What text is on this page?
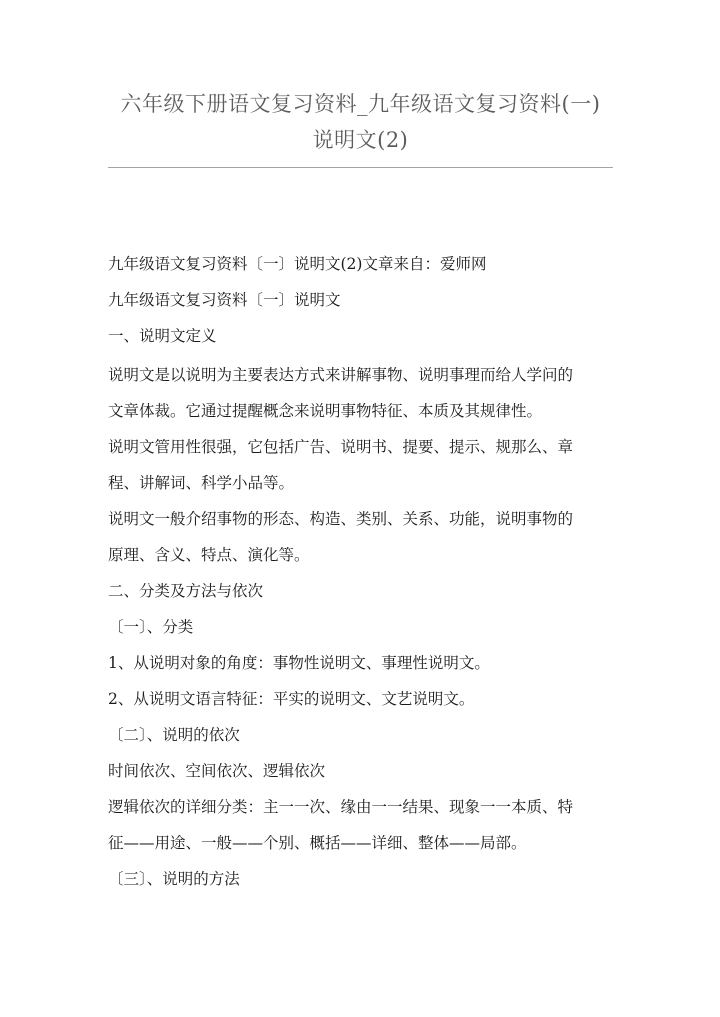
六年级下册语文复习资料_九年级语文复习资料(一)
说明文(2)
九年级语文复习资料〔一〕说明文(2)文章来自：爱师网
九年级语文复习资料〔一〕说明文
一、说明文定义
说明文是以说明为主要表达方式来讲解事物、说明事理而给人学问的
文章体裁。它通过提醒概念来说明事物特征、本质及其规律性。
说明文管用性很强，它包括广告、说明书、提要、提示、规那么、章
程、讲解词、科学小品等。
说明文一般介绍事物的形态、构造、类别、关系、功能，说明事物的
原理、含义、特点、演化等。
二、分类及方法与依次
〔一〕、分类
1、从说明对象的角度：事物性说明文、事理性说明文。
2、从说明文语言特征：平实的说明文、文艺说明文。
〔二〕、说明的依次
时间依次、空间依次、逻辑依次
逻辑依次的详细分类：主一一次、缘由一一结果、现象一一本质、特
征——用途、一般——个别、概括——详细、整体——局部。
〔三〕、说明的方法
